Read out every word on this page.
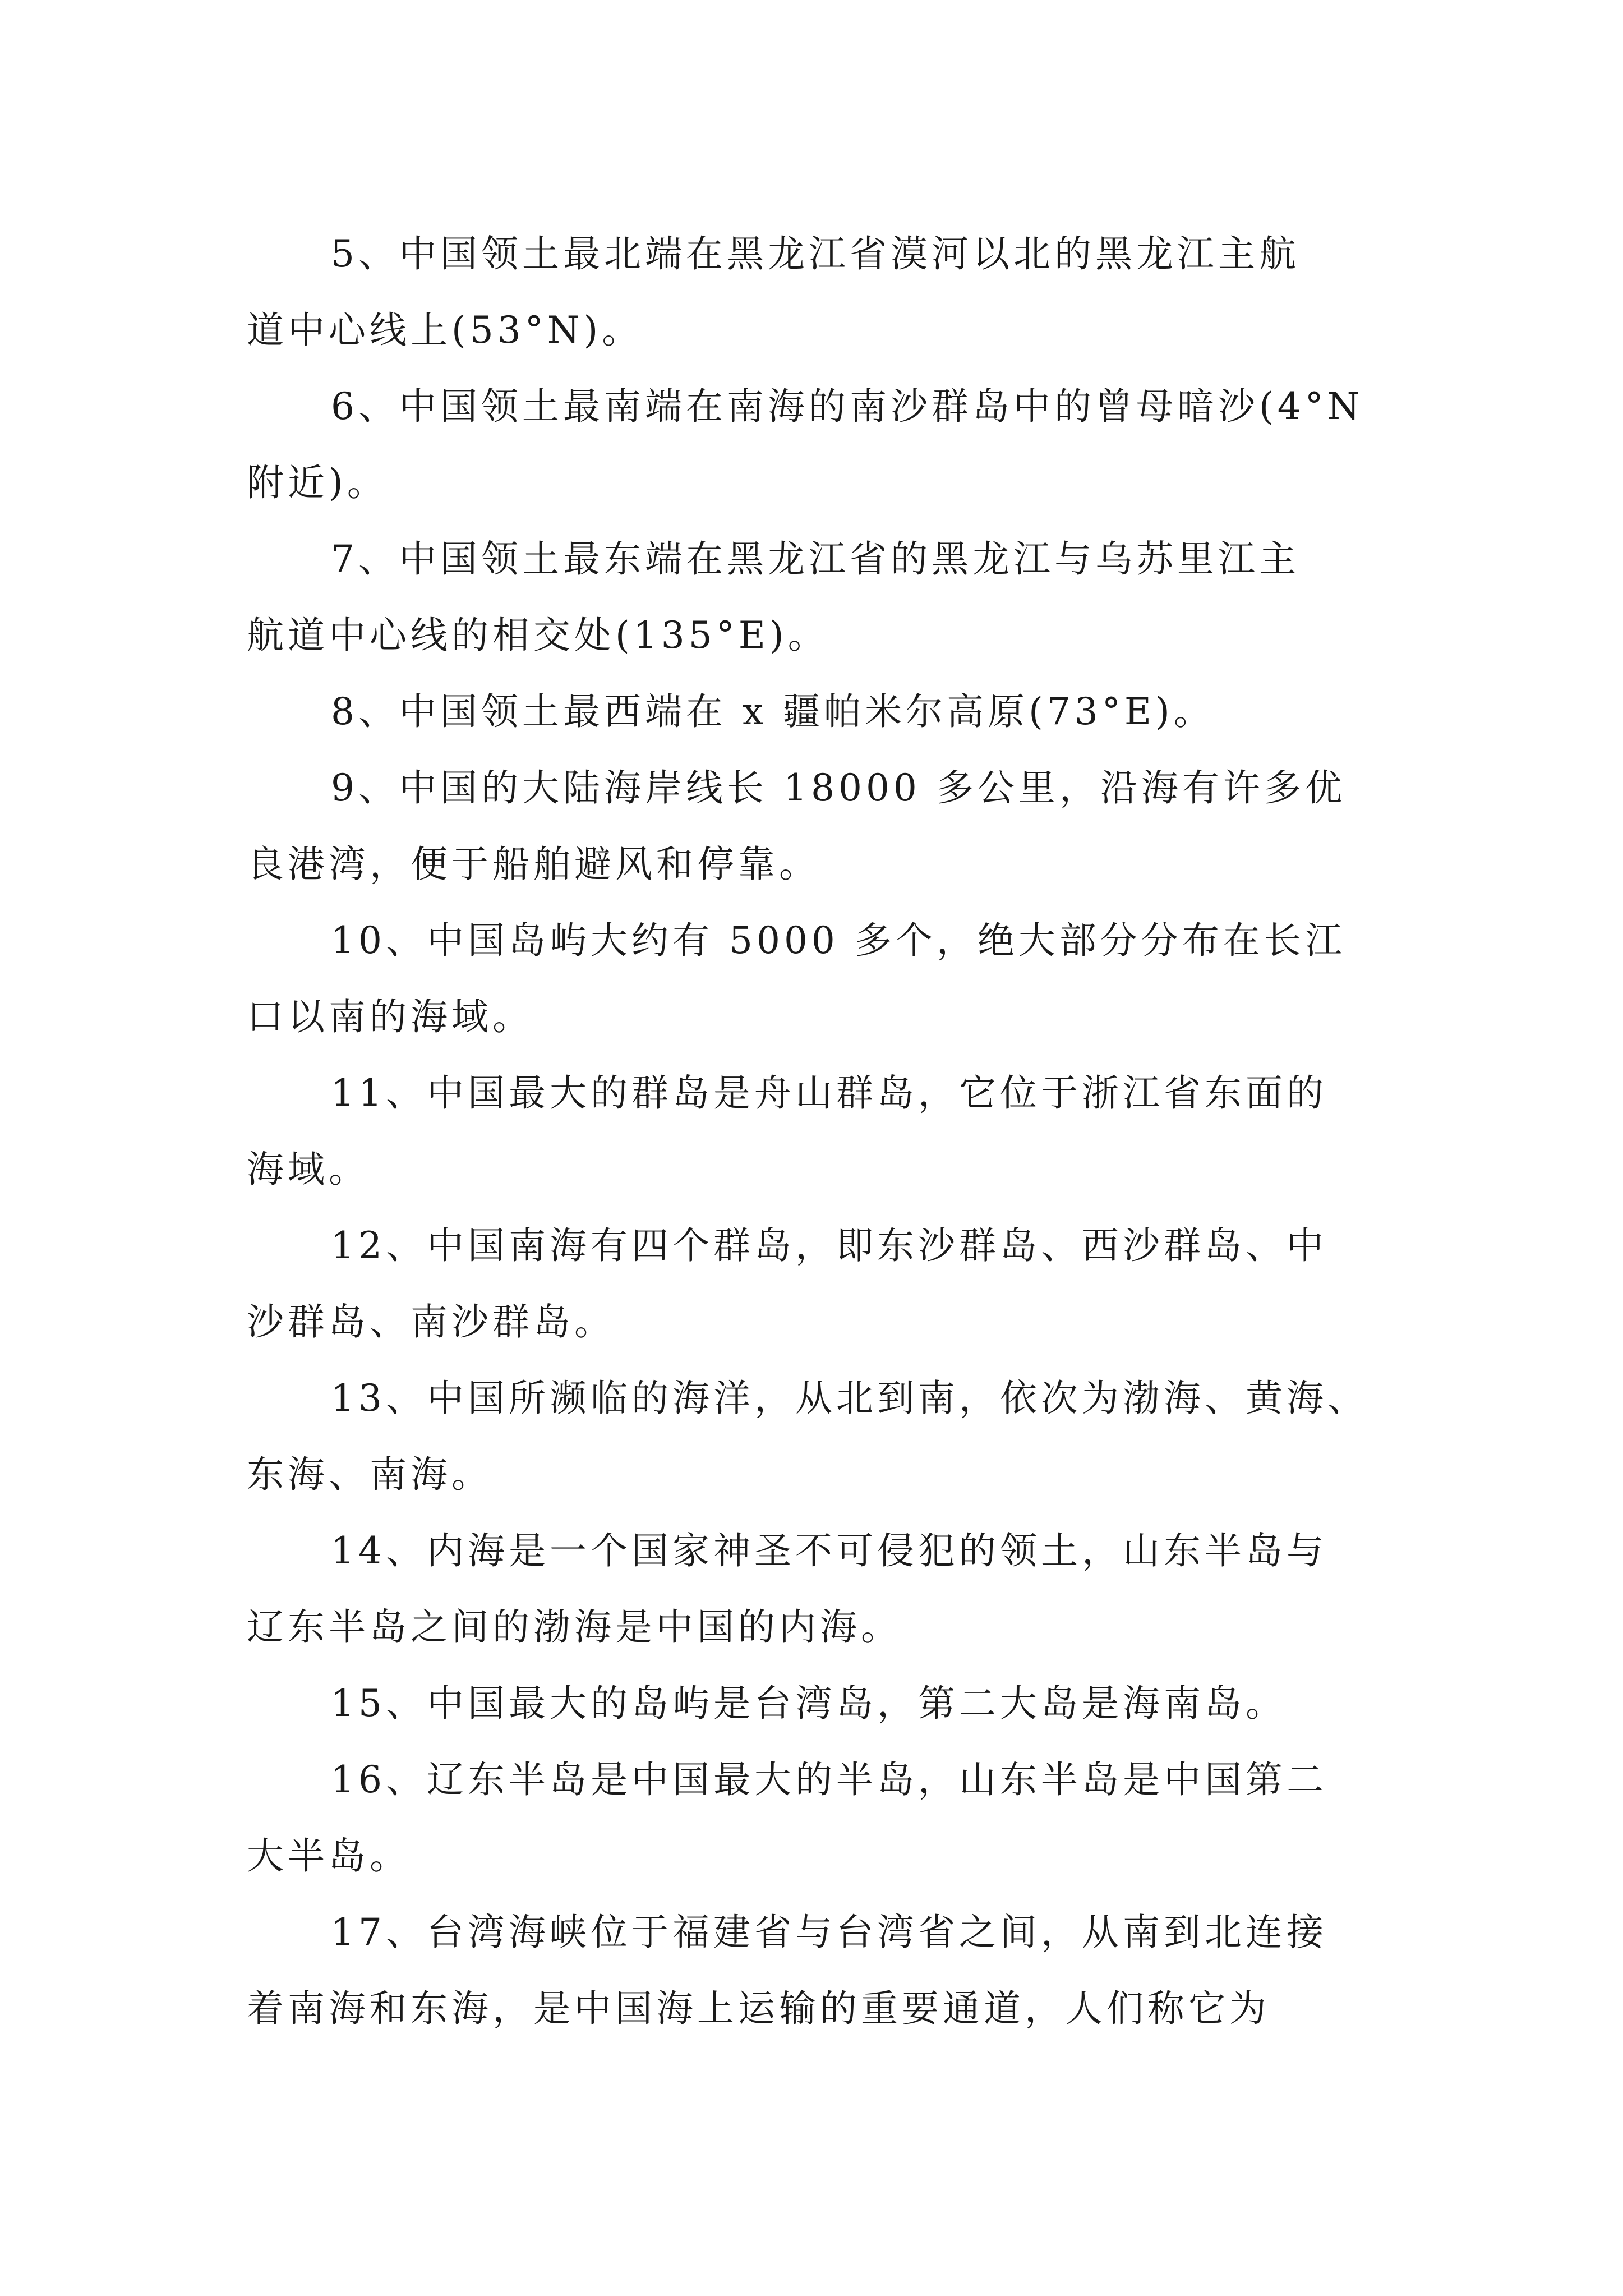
5、中国领土最北端在黑龙江省漠河以北的黑龙江主航
道中心线上(53°N)。

6、中国领土最南端在南海的南沙群岛中的曾母暗沙(4°N
附近)。

7、中国领土最东端在黑龙江省的黑龙江与乌苏里江主
航道中心线的相交处(135°E)。

8、中国领土最西端在 x 疆帕米尔高原(73°E)。

9、中国的大陆海岸线长 18000 多公里，沿海有许多优
良港湾，便于船舶避风和停靠。

10、中国岛屿大约有 5000 多个，绝大部分分布在长江
口以南的海域。

11、中国最大的群岛是舟山群岛，它位于浙江省东面的
海域。

12、中国南海有四个群岛，即东沙群岛、西沙群岛、中
沙群岛、南沙群岛。

13、中国所濒临的海洋，从北到南，依次为渤海、黄海、
东海、南海。

14、内海是一个国家神圣不可侵犯的领土，山东半岛与
辽东半岛之间的渤海是中国的内海。

15、中国最大的岛屿是台湾岛，第二大岛是海南岛。

16、辽东半岛是中国最大的半岛，山东半岛是中国第二
大半岛。

17、台湾海峡位于福建省与台湾省之间，从南到北连接
着南海和东海，是中国海上运输的重要通道，人们称它为
